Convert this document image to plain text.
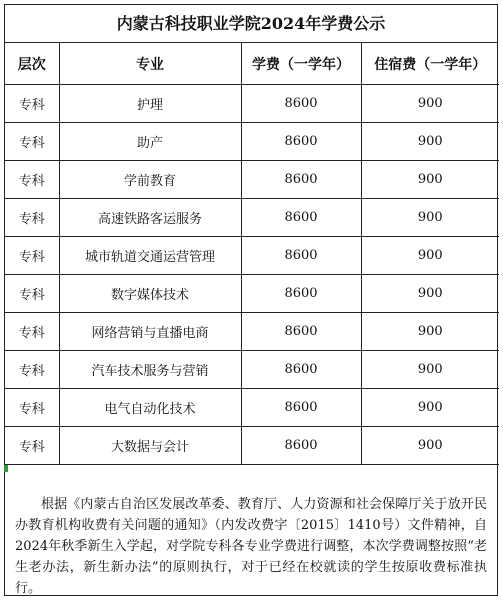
内蒙古科技职业学院2024年学费公示
层次	专业	学费（一学年）	住宿费（一学年）
专科	护理	8600	900
专科	助产	8600	900
专科	学前教育	8600	900
专科	高速铁路客运服务	8600	900
专科	城市轨道交通运营管理	8600	900
专科	数字媒体技术	8600	900
专科	网络营销与直播电商	8600	900
专科	汽车技术服务与营销	8600	900
专科	电气自动化技术	8600	900
专科	大数据与会计	8600	900

根据《内蒙古自治区发展改革委、教育厅、人力资源和社会保障厅关于放开民办教育机构收费有关问题的通知》（内发改费字〔2015〕1410号）文件精神，自2024年秋季新生入学起，对学院专科各专业学费进行调整，本次学费调整按照“老生老办法，新生新办法”的原则执行，对于已经在校就读的学生按原收费标准执行。
